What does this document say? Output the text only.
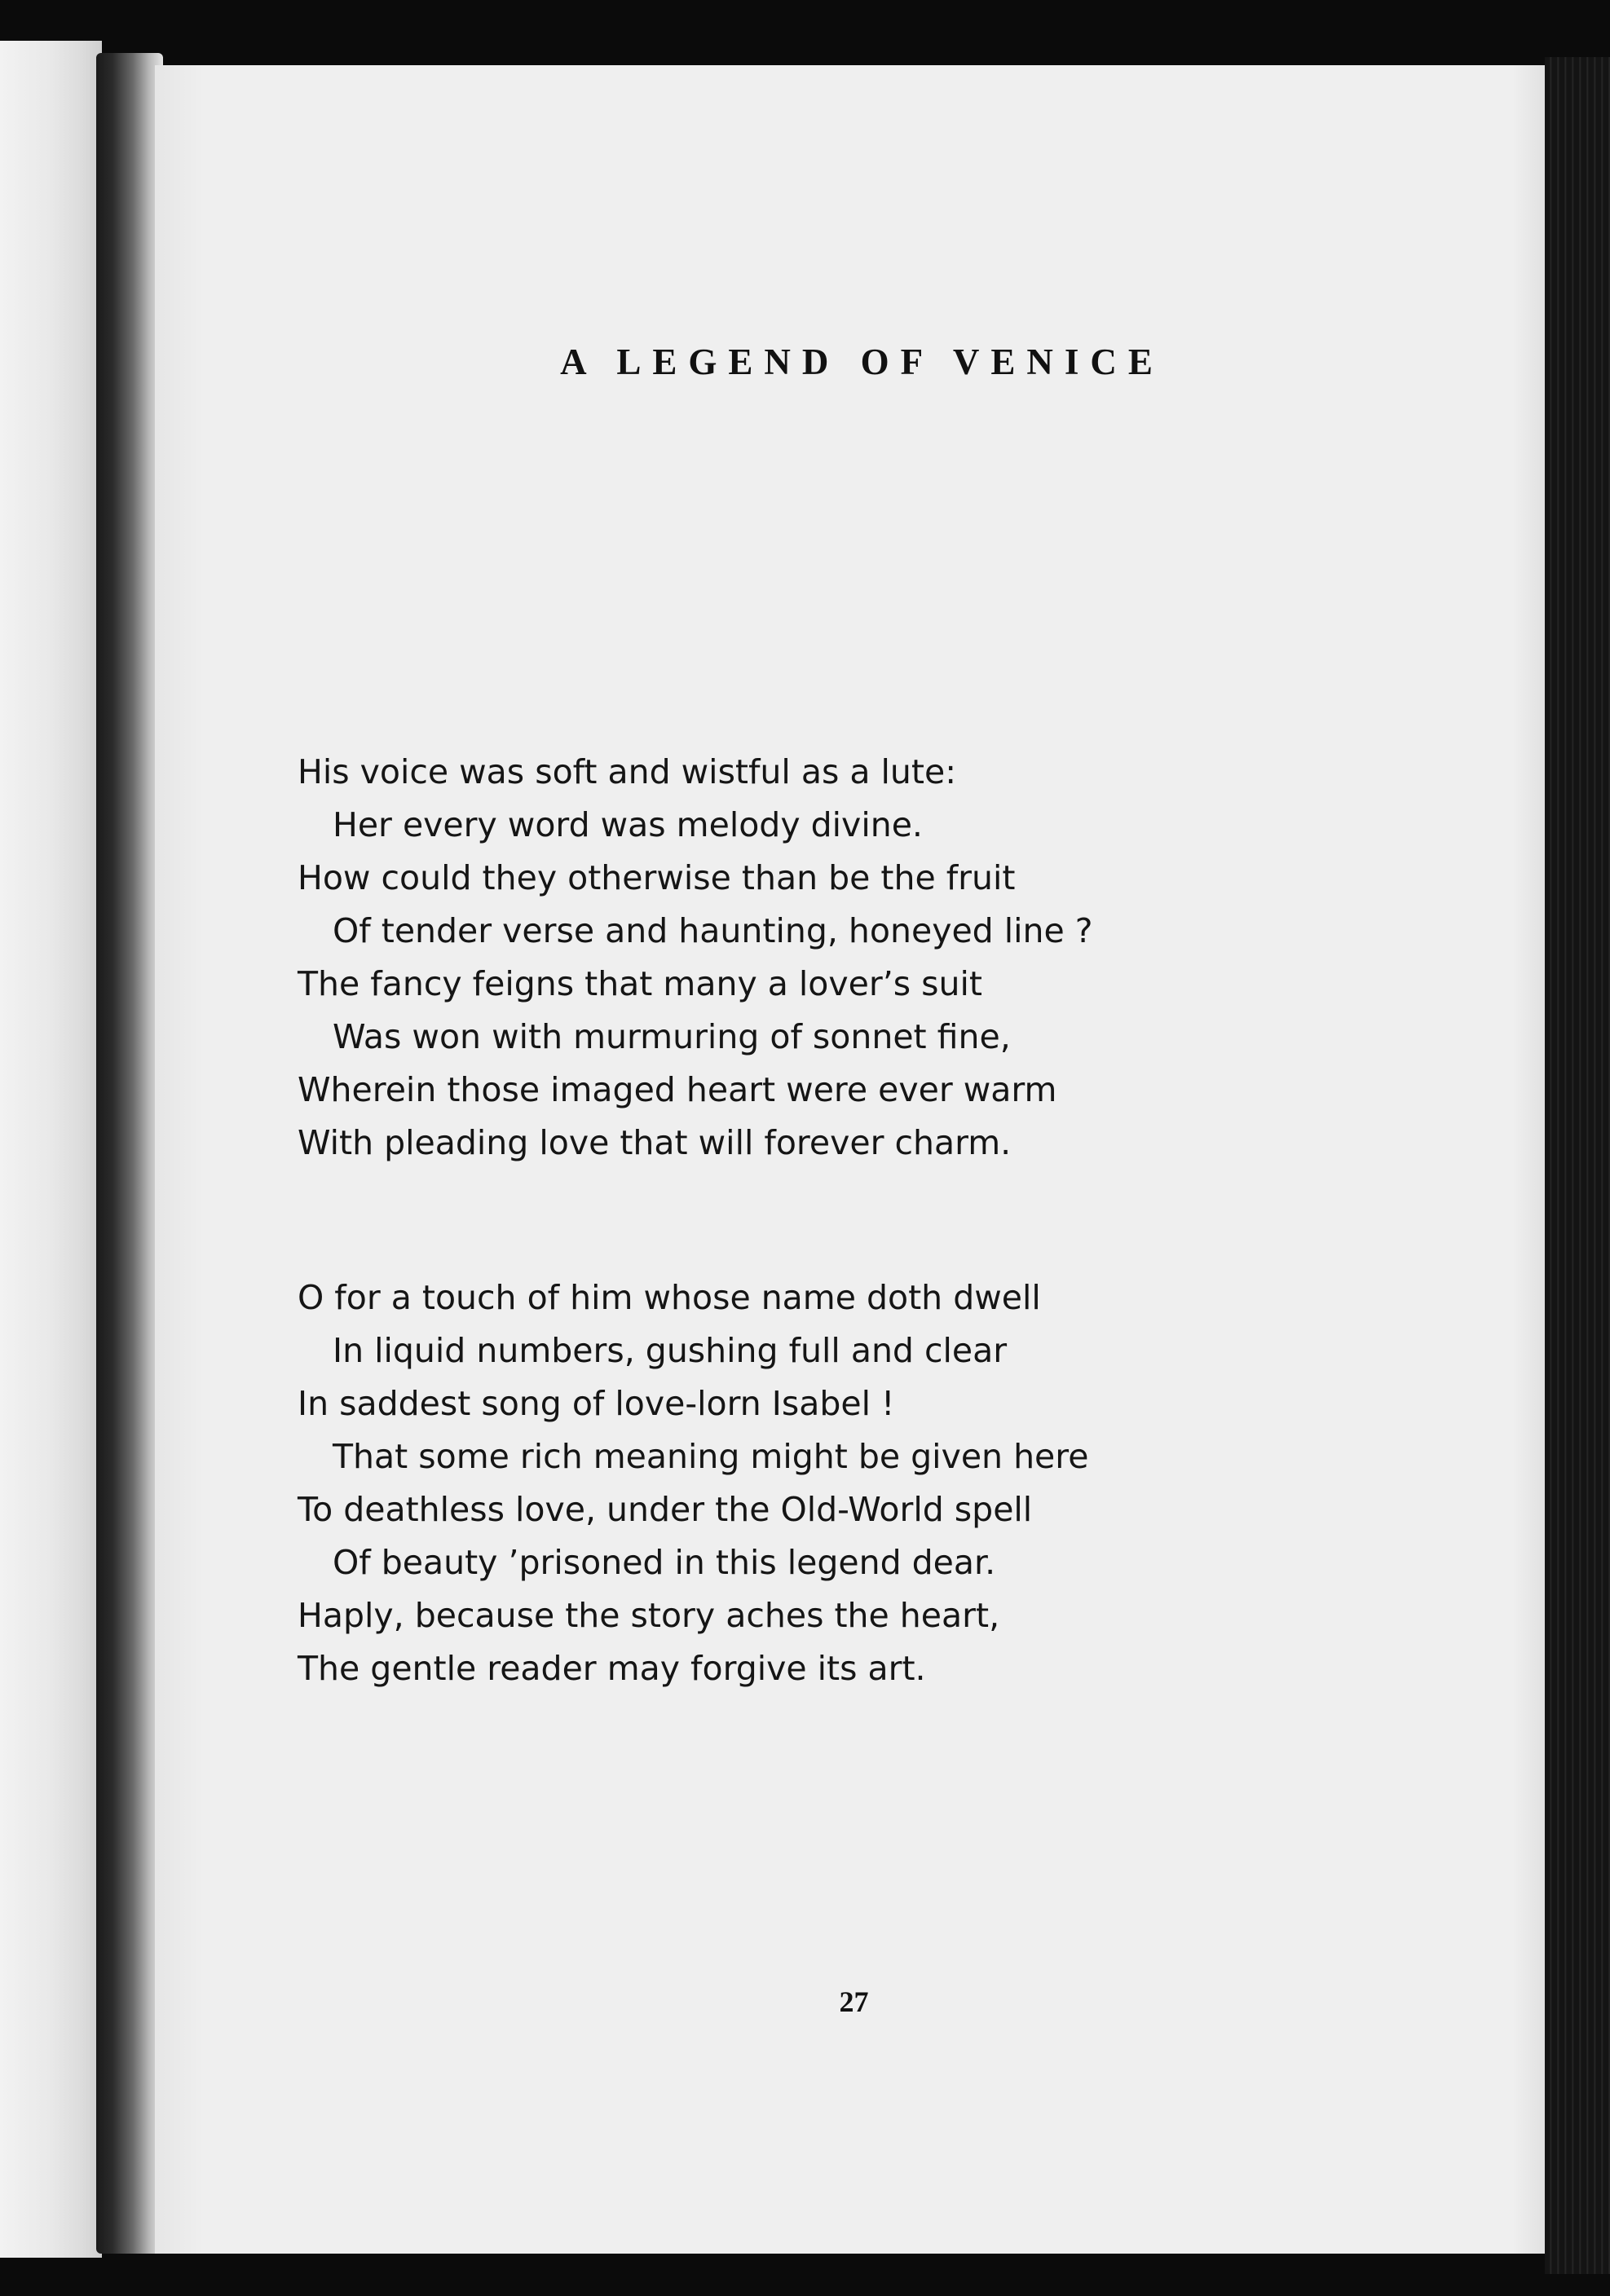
A LEGEND OF VENICE
His voice was soft and wistful as a lute:
Her every word was melody divine.
How could they otherwise than be the fruit
Of tender verse and haunting, honeyed line ?
The fancy feigns that many a lover’s suit
Was won with murmuring of sonnet fine,
Wherein those imaged heart were ever warm
With pleading love that will forever charm.
O for a touch of him whose name doth dwell
In liquid numbers, gushing full and clear
In saddest song of love-lorn Isabel !
That some rich meaning might be given here
To deathless love, under the Old-World spell
Of beauty ’prisoned in this legend dear.
Haply, because the story aches the heart,
The gentle reader may forgive its art.
27
